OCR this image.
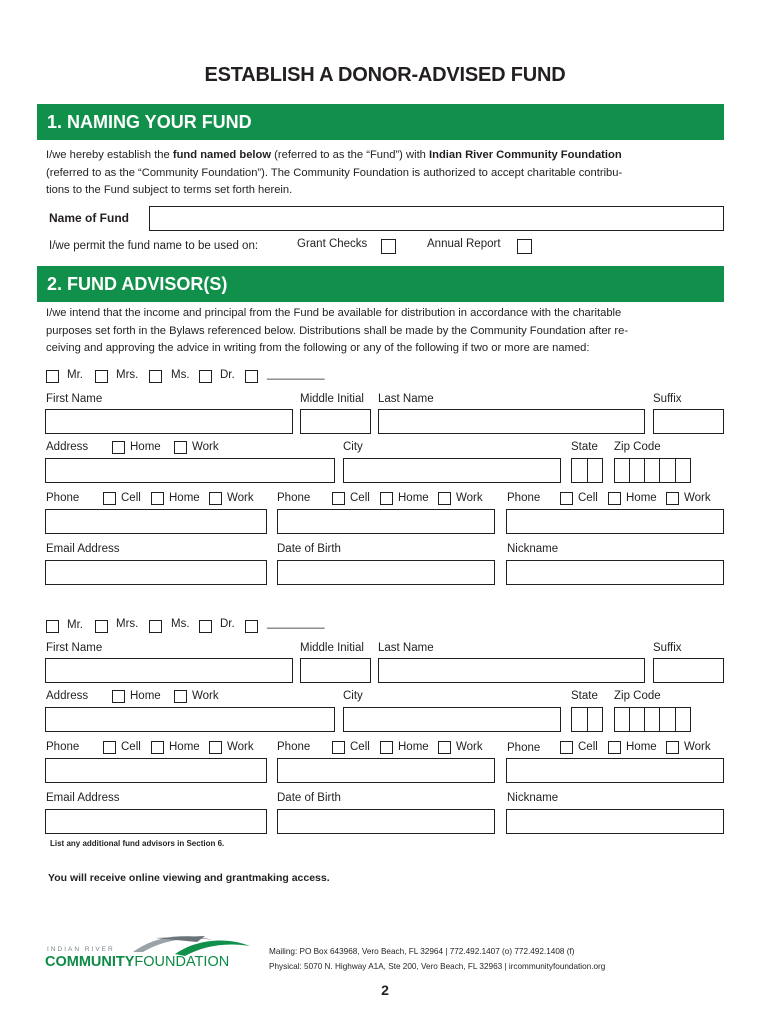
ESTABLISH A DONOR-ADVISED FUND
1. NAMING YOUR FUND
I/we hereby establish the fund named below (referred to as the “Fund”) with Indian River Community Foundation
(referred to as the “Community Foundation”). The Community Foundation is authorized to accept charitable contribu-
tions to the Fund subject to terms set forth herein.
Name of Fund
I/we permit the fund name to be used on:	Grant Checks	Annual Report
2. FUND ADVISOR(S)
I/we intend that the income and principal from the Fund be available for distribution in accordance with the charitable
purposes set forth in the Bylaws referenced below. Distributions shall be made by the Community Foundation after re-
ceiving and approving the advice in writing from the following or any of the following if two or more are named:
Mr.	Mrs.	Ms.	Dr.	_________
First Name	Middle Initial Last Name	Suffix
Address	Home	Work	City	State Zip Code
Phone	Cell Home Work Phone	Cell Home Work Phone	Cell Home Work
Email Address	Date of Birth	Nickname
Mr.	Mrs.	Ms.	Dr.	_________
First Name	Middle Initial Last Name	Suffix
Address	Home	Work	City	State Zip Code
Phone	Cell Home Work Phone	Cell Home Work Phone	Cell Home Work
Email Address	Date of Birth	Nickname
List any additional fund advisors in Section 6.
You will receive online viewing and grantmaking access.
INDIAN RIVER
COMMUNITYFOUNDATION
Mailing: PO Box 643968, Vero Beach, FL 32964 | 772.492.1407 (o) 772.492.1408 (f)
Physical: 5070 N. Highway A1A, Ste 200, Vero Beach, FL 32963 | ircommunityfoundation.org
2
